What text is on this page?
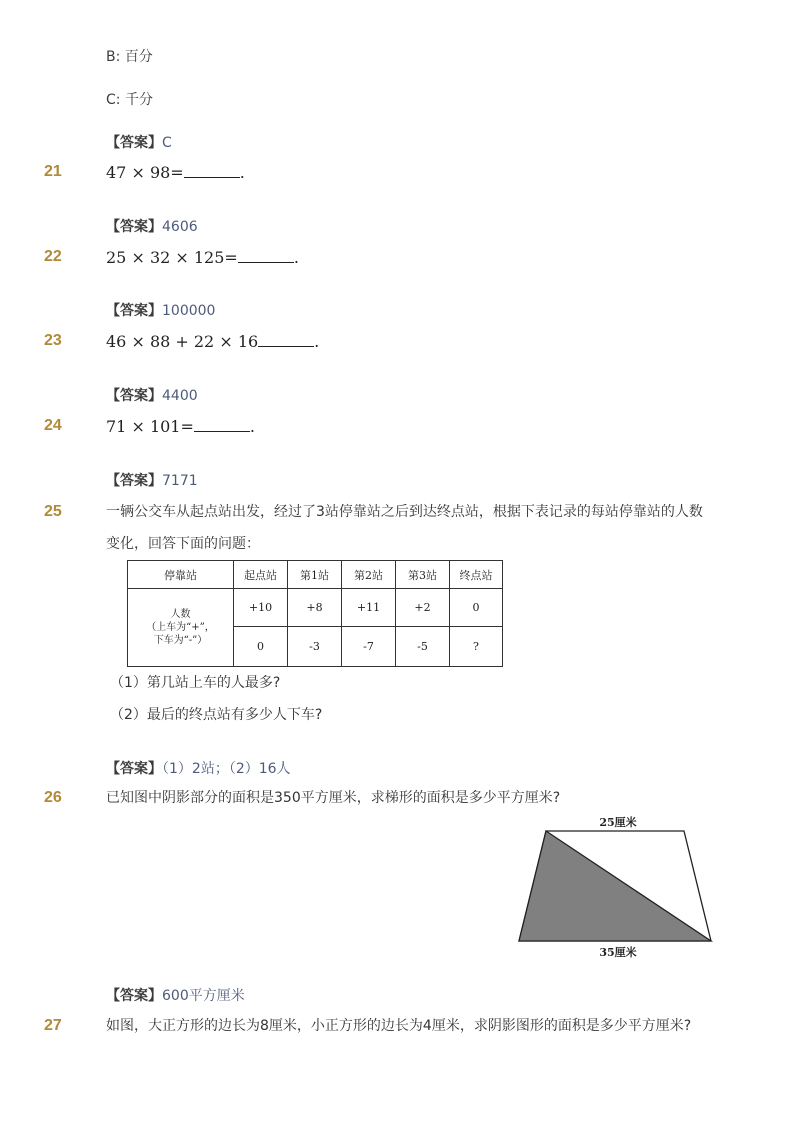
B: 百分
C: 千分
【答案】C
21	47 × 98=	.
【答案】4606
22	25 × 32 × 125=	.
【答案】100000
23	46 × 88 + 22 × 16	.
【答案】4400
24	71 × 101=	.
【答案】7171
25	一辆公交车从起点站出发，经过了3站停靠站之后到达终点站，根据下表记录的每站停靠站的人数
变化，回答下面的问题：
停靠站	起点站	第1站	第2站	第3站	终点站

人数
（上车为“+”，
下车为“-”）	+10	+8	+11	+2	0
	0	-3	-7	-5	?
（1）第几站上车的人最多?
（2）最后的终点站有多少人下车?
【答案】（1）2站；（2）16人
26	已知图中阴影部分的面积是350平方厘米，求梯形的面积是多少平方厘米?
25厘米
35厘米
【答案】600平方厘米
27	如图，大正方形的边长为8厘米，小正方形的边长为4厘米，求阴影图形的面积是多少平方厘米?
